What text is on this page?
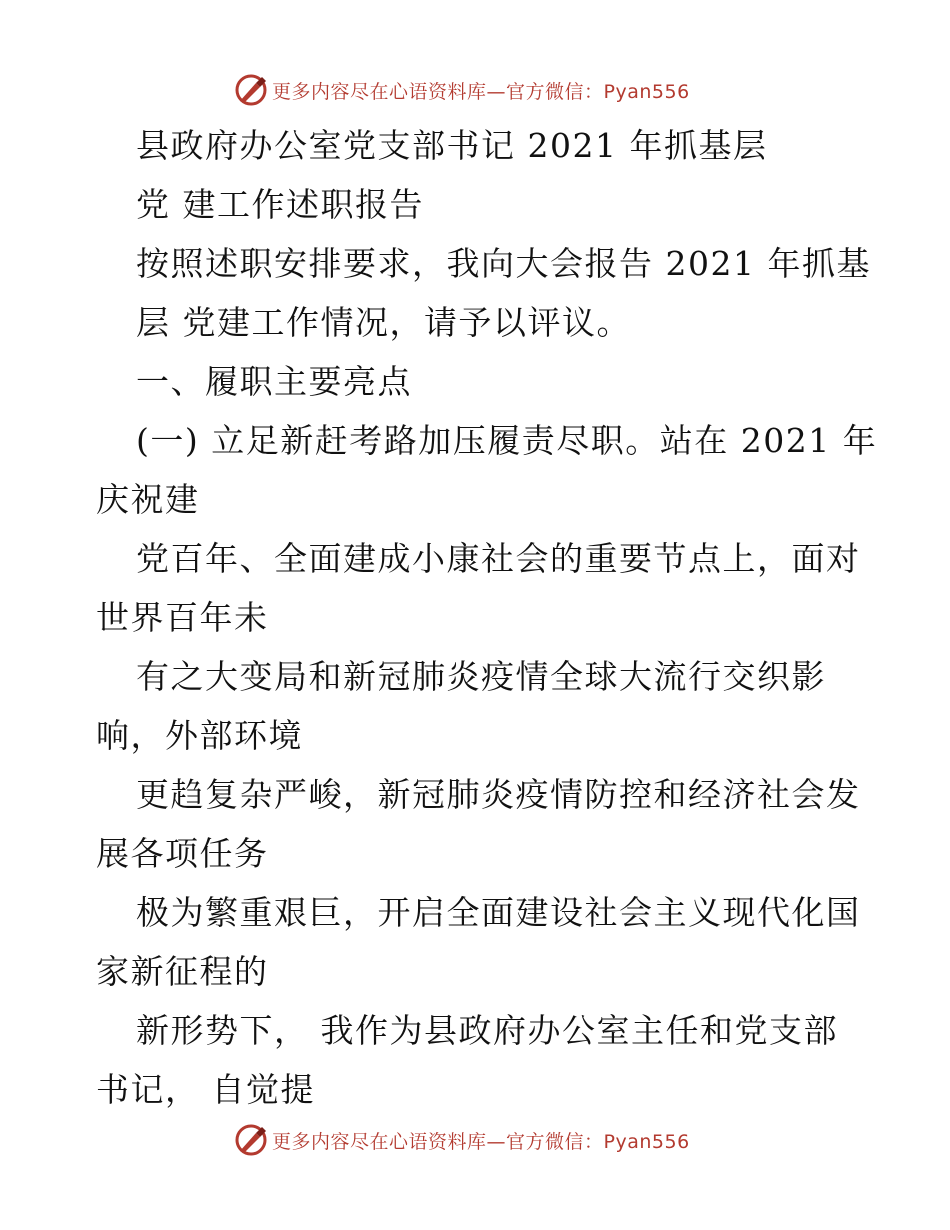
更多内容尽在心语资料库—官方微信：Pyan556
县政府办公室党支部书记 2021 年抓基层
党 建工作述职报告
按照述职安排要求，我向大会报告 2021 年抓基
层 党建工作情况，请予以评议。
一、履职主要亮点
(一) 立足新赶考路加压履责尽职。站在 2021 年
庆祝建
党百年、全面建成小康社会的重要节点上，面对
世界百年未
有之大变局和新冠肺炎疫情全球大流行交织影
响，外部环境
更趋复杂严峻，新冠肺炎疫情防控和经济社会发
展各项任务
极为繁重艰巨，开启全面建设社会主义现代化国
家新征程的
新形势下， 我作为县政府办公室主任和党支部
书记， 自觉提
更多内容尽在心语资料库—官方微信：Pyan556
